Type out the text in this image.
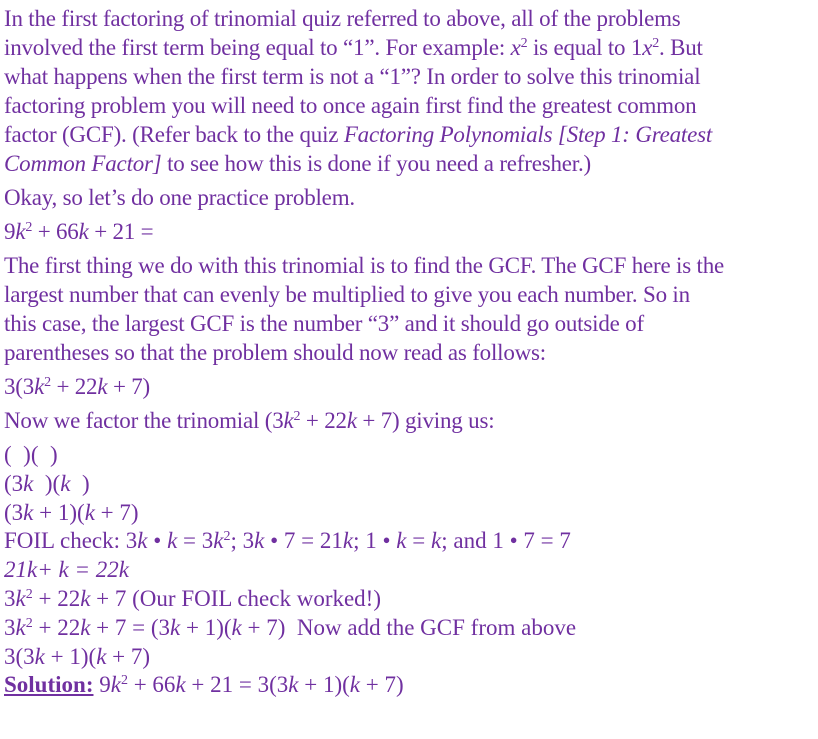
In the first factoring of trinomial quiz referred to above, all of the problems
involved the first term being equal to “1”. For example: $x^2$ is equal to $1x^2$. But
what happens when the first term is not a “1”? In order to solve this trinomial
factoring problem you will need to once again first find the greatest common
factor (GCF). (Refer back to the quiz Factoring Polynomials [Step 1: Greatest
Common Factor] to see how this is done if you need a refresher.)

Okay, so let’s do one practice problem.

$9k^2 + 66k + 21$ =

The first thing we do with this trinomial is to find the GCF. The GCF here is the
largest number that can evenly be multiplied to give you each number. So in
this case, the largest GCF is the number “3” and it should go outside of
parentheses so that the problem should now read as follows:

$3(3k^2 + 22k + 7)$

Now we factor the trinomial $(3k^2 + 22k + 7)$ giving us:

(  )(  )

(3k  )(k  )

(3k + 1)(k + 7)

FOIL check: 3k • $k = 3k^2$; 3k • 7 = 21k; 1 • k = k; and 1 • 7 = 7

21k+ k = 22k

$3k^2 + 22k + 7$ (Our FOIL check worked!)

$3k^2 + 22k + 7 = (3k + 1)(k + 7)$  Now add the GCF from above

3(3k + 1)(k + 7)

Solution: $9k^2 + 66k + 21 = 3(3k + 1)(k + 7)$
